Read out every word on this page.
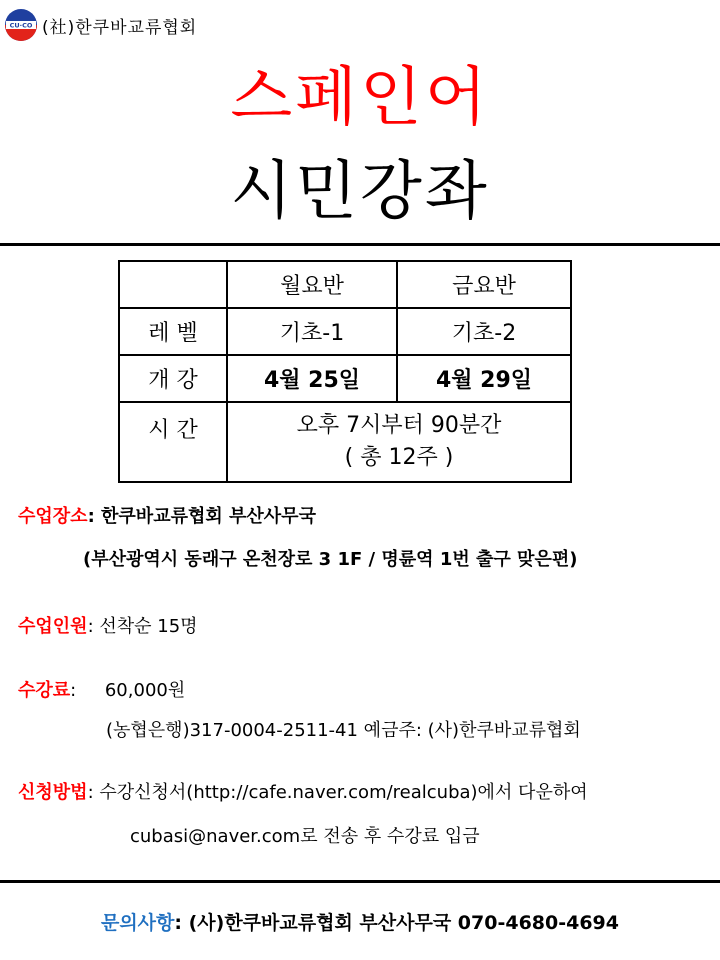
CU·CO (社)한쿠바교류협회
스페인어
시민강좌
	월요반	금요반
레 벨	기초-1	기초-2
개 강	4월 25일	4월 29일
시 간	오후 7시부터 90분간
( 총 12주 )	
수업장소: 한쿠바교류협회 부산사무국
(부산광역시 동래구 온천장로 3 1F / 명륜역 1번 출구 맞은편)
수업인원: 선착순 15명
수강료:     60,000원
(농협은행)317-0004-2511-41 예금주: (사)한쿠바교류협회
신청방법: 수강신청서(http://cafe.naver.com/realcuba)에서 다운하여
cubasi@naver.com로 전송 후 수강료 입금
문의사항: (사)한쿠바교류협회 부산사무국 070-4680-4694
